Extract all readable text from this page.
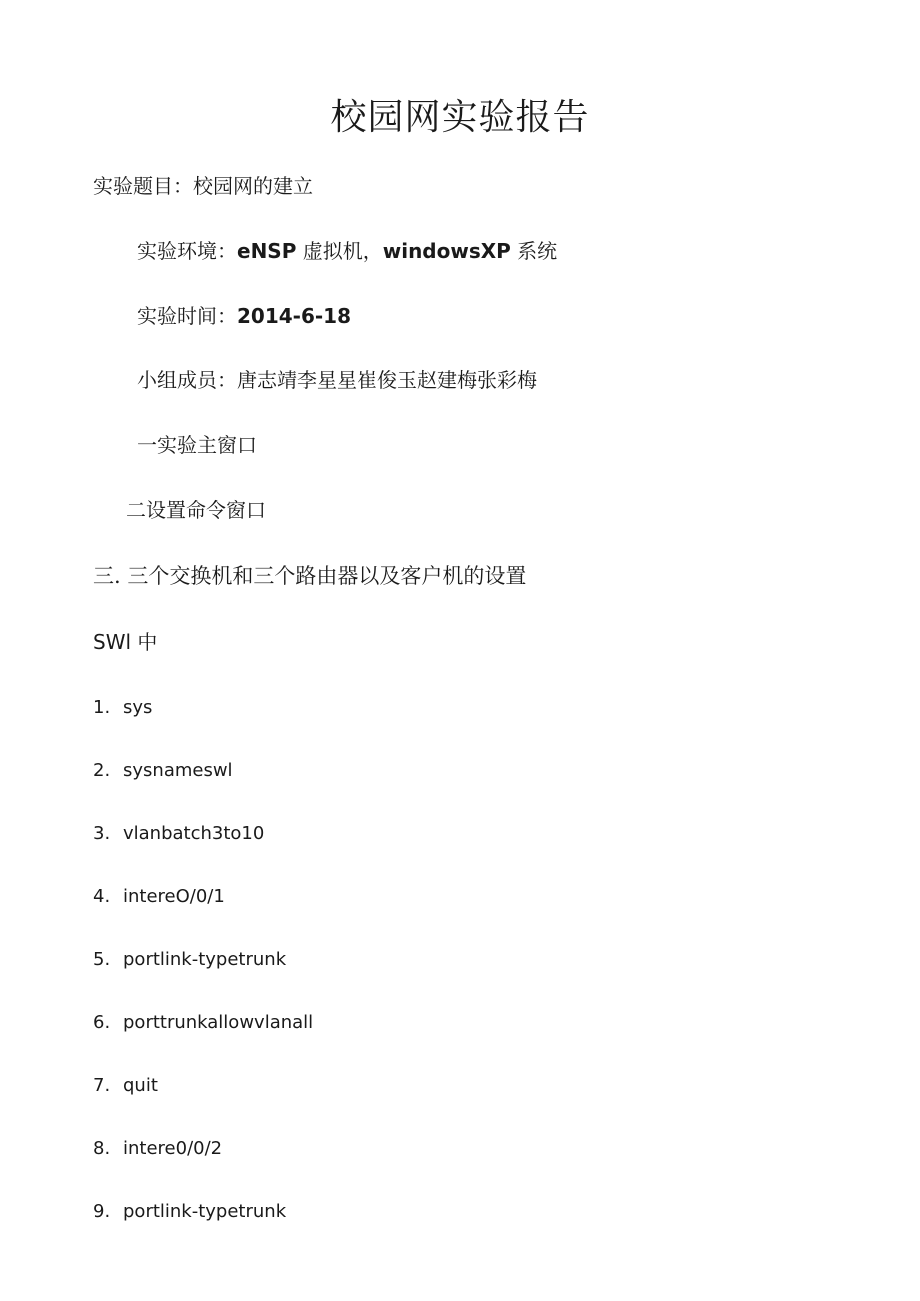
校园网实验报告
实验题目：校园网的建立
实验环境：eNSP 虚拟机，windowsXP 系统
实验时间：2014-6-18
小组成员：唐志靖李星星崔俊玉赵建梅张彩梅
一实验主窗口
二设置命令窗口
三. 三个交换机和三个路由器以及客户机的设置
SWl 中
1. sys
2. sysnameswl
3. vlanbatch3to10
4. intereO/0/1
5. portlink-typetrunk
6. porttrunkallowvlanall
7. quit
8. intere0∕0∕2
9. portlink-typetrunk
